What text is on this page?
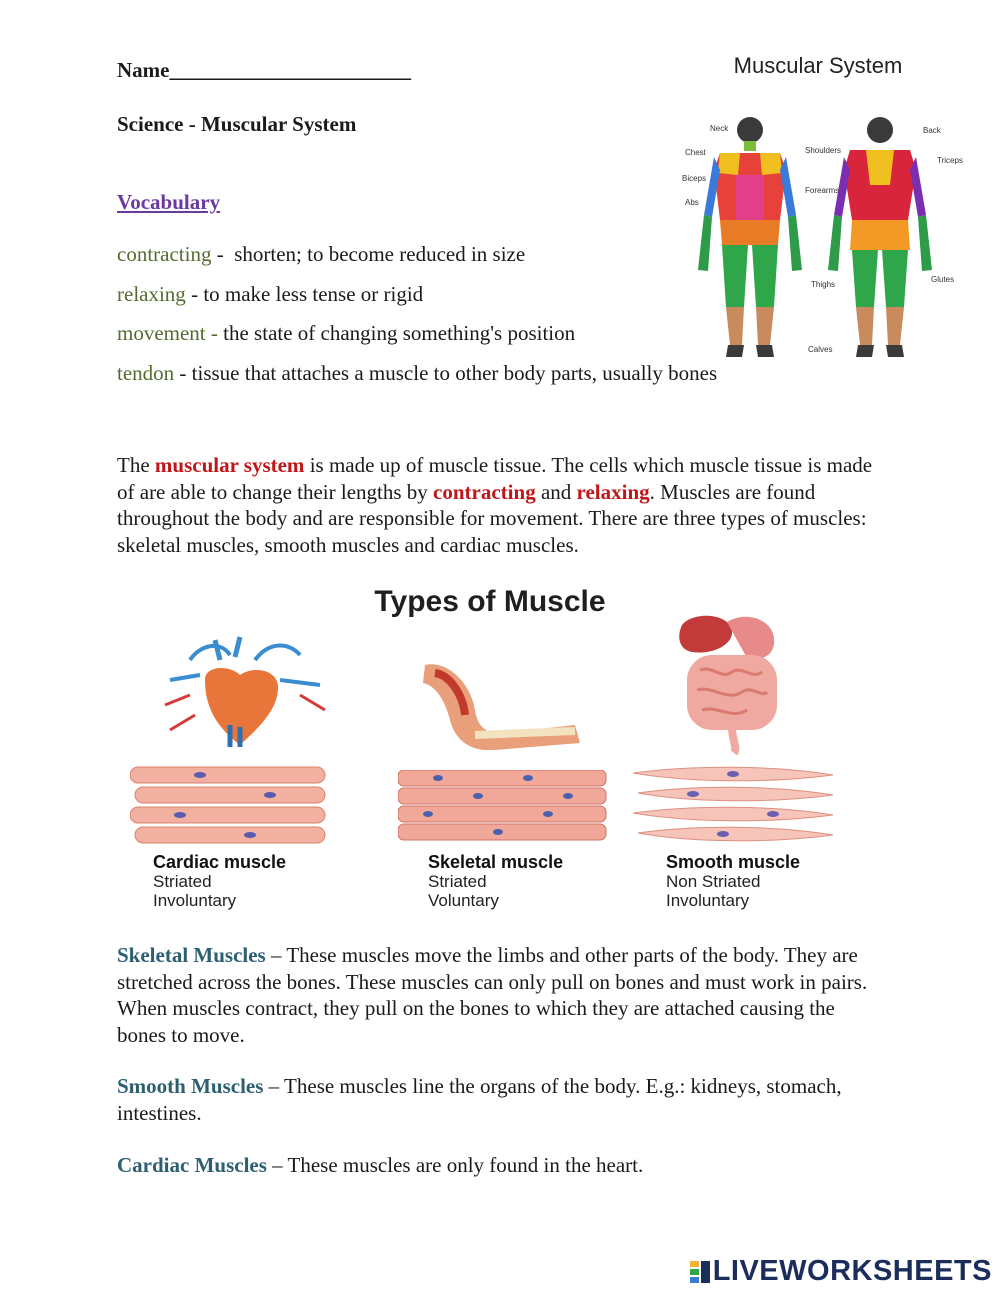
Name_______________________
Science - Muscular System
Vocabulary
contracting -  shorten; to become reduced in size
relaxing - to make less tense or rigid
movement - the state of changing something's position
tendon - tissue that attaches a muscle to other body parts, usually bones
Muscular System
Neck
Chest
Biceps
Abs
Shoulders
Forearms
Thighs
Calves
Back
Triceps
Glutes
The muscular system is made up of muscle tissue. The cells which muscle tissue is made of are able to change their lengths by contracting and relaxing. Muscles are found throughout the body and are responsible for movement. There are three types of muscles: skeletal muscles, smooth muscles and cardiac muscles.
Types of Muscle
Cardiac muscle
Striated
Involuntary
Skeletal muscle
Striated
Voluntary
Smooth muscle
Non Striated
Involuntary
Skeletal Muscles – These muscles move the limbs and other parts of the body. They are stretched across the bones. These muscles can only pull on bones and must work in pairs. When muscles contract, they pull on the bones to which they are attached causing the bones to move.
Smooth Muscles – These muscles line the organs of the body. E.g.: kidneys, stomach, intestines.
Cardiac Muscles – These muscles are only found in the heart.
LIVEWORKSHEETS
